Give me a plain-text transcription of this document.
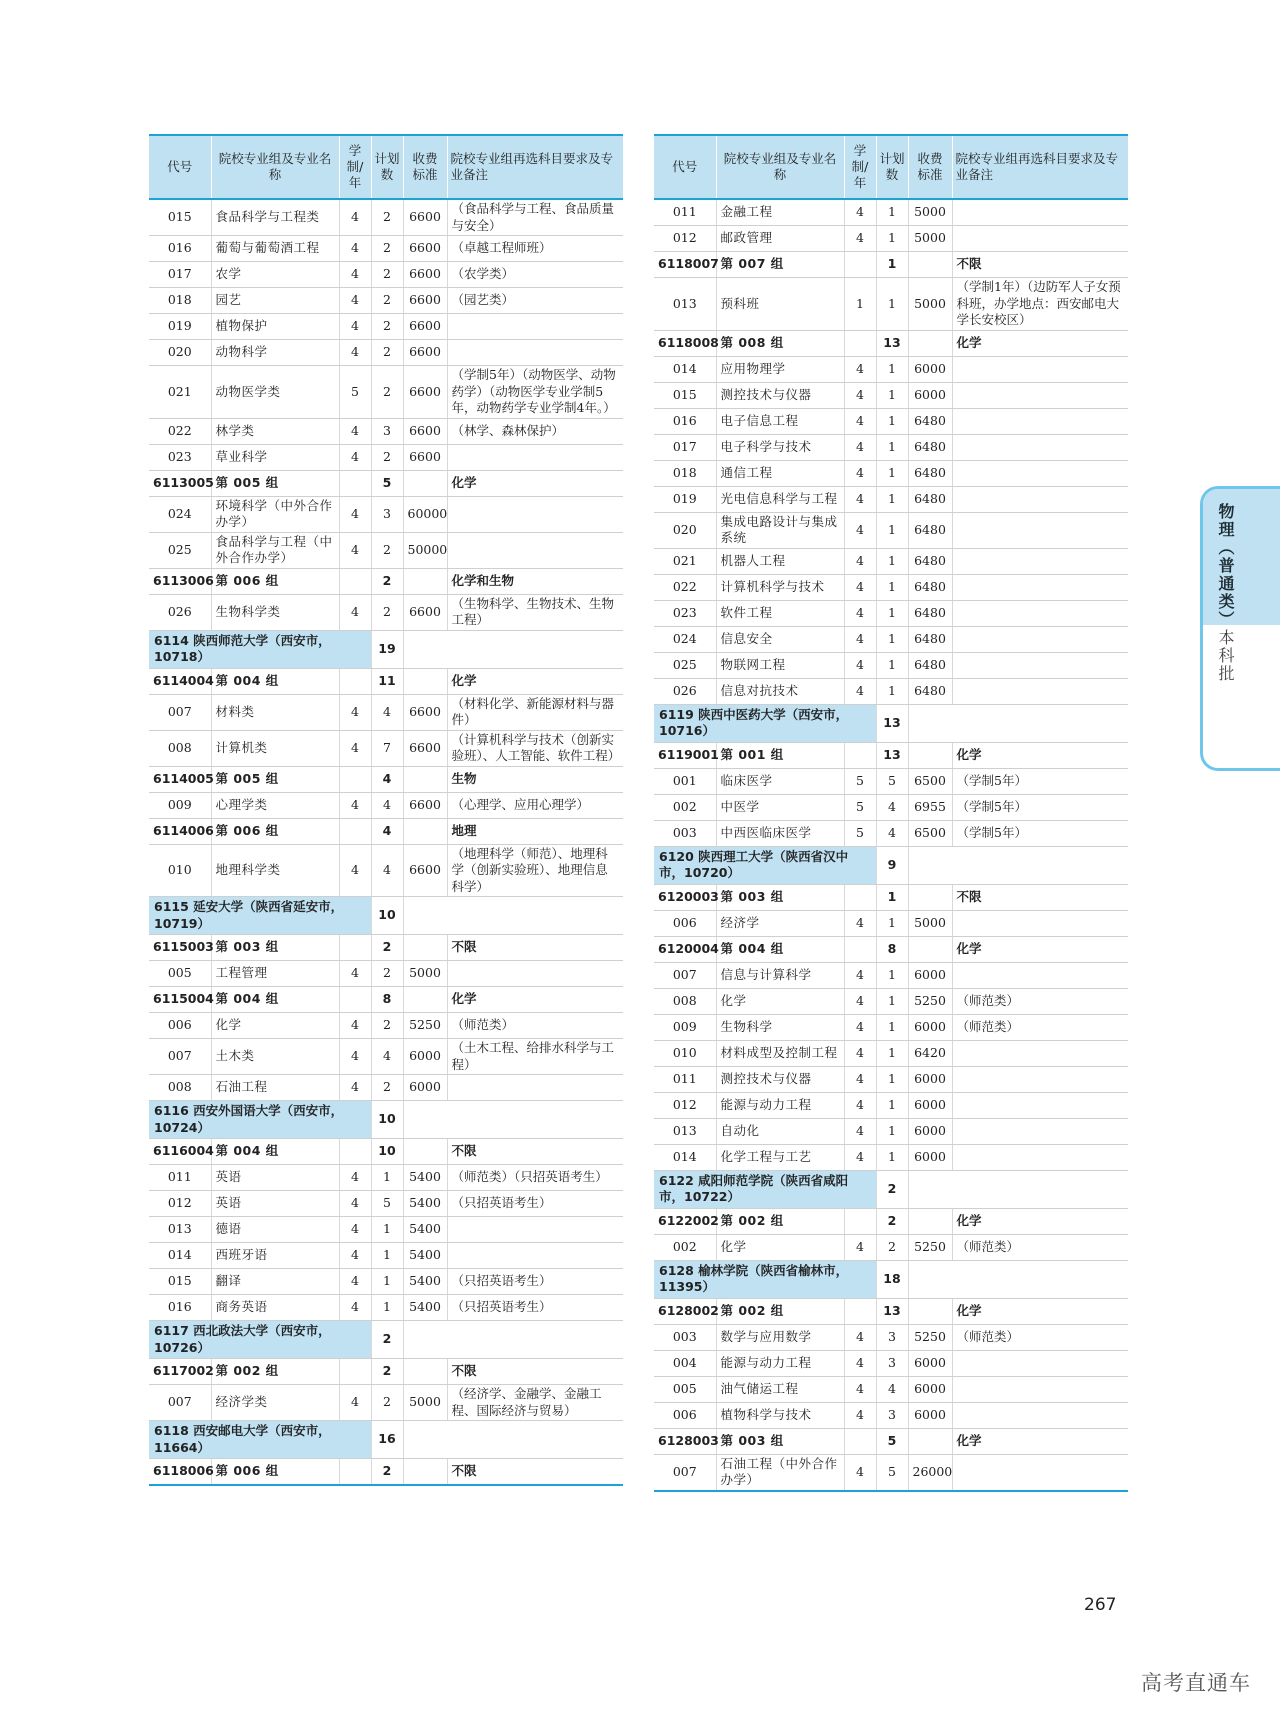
代号	院校专业组及专业名称	学制/年	计划数	收费标准	院校专业组再选科目要求及专业备注
015	食品科学与工程类	4	2	6600	（食品科学与工程、食品质量与安全）
016	葡萄与葡萄酒工程	4	2	6600	（卓越工程师班）
017	农学	4	2	6600	（农学类）
018	园艺	4	2	6600	（园艺类）
019	植物保护	4	2	6600	
020	动物科学	4	2	6600	
021	动物医学类	5	2	6600	（学制5年）（动物医学、动物药学）（动物医学专业学制5年，动物药学专业学制4年。）
022	林学类	4	3	6600	（林学、森林保护）
023	草业科学	4	2	6600	
6113005	第 005 组		5		化学
024	环境科学（中外合作办学）	4	3	60000	
025	食品科学与工程（中外合作办学）	4	2	50000	
6113006	第 006 组		2		化学和生物
026	生物科学类	4	2	6600	（生物科学、生物技术、生物工程）
6114 陕西师范大学（西安市，10718）			19		
6114004	第 004 组		11		化学
007	材料类	4	4	6600	（材料化学、新能源材料与器件）
008	计算机类	4	7	6600	（计算机科学与技术（创新实验班）、人工智能、软件工程）
6114005	第 005 组		4		生物
009	心理学类	4	4	6600	（心理学、应用心理学）
6114006	第 006 组		4		地理
010	地理科学类	4	4	6600	（地理科学（师范）、地理科学（创新实验班）、地理信息科学）
6115 延安大学（陕西省延安市，10719）			10		
6115003	第 003 组		2		不限
005	工程管理	4	2	5000	
6115004	第 004 组		8		化学
006	化学	4	2	5250	（师范类）
007	土木类	4	4	6000	（土木工程、给排水科学与工程）
008	石油工程	4	2	6000	
6116 西安外国语大学（西安市，10724）			10		
6116004	第 004 组		10		不限
011	英语	4	1	5400	（师范类）（只招英语考生）
012	英语	4	5	5400	（只招英语考生）
013	德语	4	1	5400	
014	西班牙语	4	1	5400	
015	翻译	4	1	5400	（只招英语考生）
016	商务英语	4	1	5400	（只招英语考生）
6117 西北政法大学（西安市，10726）			2		
6117002	第 002 组		2		不限
007	经济学类	4	2	5000	（经济学、金融学、金融工程、国际经济与贸易）
6118 西安邮电大学（西安市，11664）			16		
6118006	第 006 组		2		不限
代号	院校专业组及专业名称	学制/年	计划数	收费标准	院校专业组再选科目要求及专业备注
011	金融工程	4	1	5000	
012	邮政管理	4	1	5000	
6118007	第 007 组		1		不限
013	预科班	1	1	5000	（学制1年）（边防军人子女预科班，办学地点：西安邮电大学长安校区）
6118008	第 008 组		13		化学
014	应用物理学	4	1	6000	
015	测控技术与仪器	4	1	6000	
016	电子信息工程	4	1	6480	
017	电子科学与技术	4	1	6480	
018	通信工程	4	1	6480	
019	光电信息科学与工程	4	1	6480	
020	集成电路设计与集成系统	4	1	6480	
021	机器人工程	4	1	6480	
022	计算机科学与技术	4	1	6480	
023	软件工程	4	1	6480	
024	信息安全	4	1	6480	
025	物联网工程	4	1	6480	
026	信息对抗技术	4	1	6480	
6119 陕西中医药大学（西安市，10716）			13		
6119001	第 001 组		13		化学
001	临床医学	5	5	6500	（学制5年）
002	中医学	5	4	6955	（学制5年）
003	中西医临床医学	5	4	6500	（学制5年）
6120 陕西理工大学（陕西省汉中市，10720）			9		
6120003	第 003 组		1		不限
006	经济学	4	1	5000	
6120004	第 004 组		8		化学
007	信息与计算科学	4	1	6000	
008	化学	4	1	5250	（师范类）
009	生物科学	4	1	6000	（师范类）
010	材料成型及控制工程	4	1	6420	
011	测控技术与仪器	4	1	6000	
012	能源与动力工程	4	1	6000	
013	自动化	4	1	6000	
014	化学工程与工艺	4	1	6000	
6122 咸阳师范学院（陕西省咸阳市，10722）			2		
6122002	第 002 组		2		化学
002	化学	4	2	5250	（师范类）
6128 榆林学院（陕西省榆林市，11395）			18		
6128002	第 002 组		13		化学
003	数学与应用数学	4	3	5250	（师范类）
004	能源与动力工程	4	3	6000	
005	油气储运工程	4	4	6000	
006	植物科学与技术	4	3	6000	
6128003	第 003 组		5		化学
007	石油工程（中外合作办学）	4	5	26000	
物理（普通类）
本科批
267
高考直通车
